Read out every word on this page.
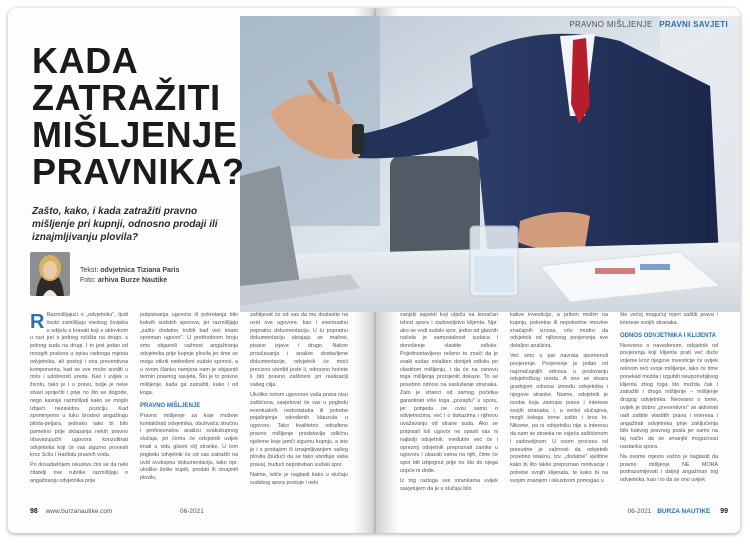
PRAVNO MIŠLJENJE PRAVNI SAVJETI
KADA
ZATRAŽITI
MIŠLJENJE
PRAVNIKA?

Zašto, kako, i kada zatražiti pravno mišljenje pri kupnji, odnosno prodaji ili iznajmljivanju plovila?

Tekst: odvjetnica Tiziana Paris
Foto: arhiva Burze Nautike

R Razmišljajući o „odvjetniku", ljudi često zamišljaju visokog čovjeka u odijelu s kravati koji s aktovkom u ruci juri s jednog ročišta na drugo, s jednog suda na drugi. I to jest jedan od mnogih poslova u opisu radnoga mjesta odvjetnika, ali postoji i ona preventivna komponenta, kad se sve može srediti u miru i udobnosti ureda. Kao i uvijek u životu, tako je i u pravu, bolje je neke stvari spriječiti i prije no što se dogode, nego kasnije razmišljati kako se moglo izbjeći nezavidnu poziciju. Kad spominjemo u luku brodovi angažiraju pilota-peljara, jednako tako bi bilo pametno prije sklapanja nekih pravno obavezujućih ugovora konzultirati odvjetnika koji će vas sigurno provesti kroz Scilu i Haribdu pravnih voda.

Po dosadašnjem iskustvu čini se da neki čitatelji ove rubrike razmišljaju o angažiranju odvjetnika prije

potpisivanja ugovora ili pokretanja bilo kakvih sudskih sporova, jer razmišljaju „zašto dodatno trošiti kad već imam spreman ugovor". U prethodnom broju smo objasnili važnost angažiranja odvjetnika prije kupnje plovila jer time se mogu otkriti nedređeni sudski sporovi, a u ovom članku namjera nam je objasniti termin pravnog savjeta. Što je to pravno mišljenje, kada ga zatražiti, kako i od koga.

PRAVNO MIŠLJENJE

Pravno mišljenje za koje možete kontaktirati odvjetnika, obuhvaća stručnu i profesionalnu analizu svakukupnog slučaja, pri čemu će odvjetnik uvijek imati u vidu glavni cilj stranke. U tom pogledu odvjetnik će od vas zatražiti na uvid svukupnu dokumentaciju, tako npr. ukoliko želite kupiti, prodati ili iznajmiti plovilo,

zahtijevat će od vas da mu dostavite na uvid sve ugovore, kao i eventualnu popratnu dokumentaciju. U tu popratnu dokumentaciju ubrajaju se mailovi, pisane izjave i drugo. Nakon proučavanja i analize dostavljene dokumentacije, odvjetnik će moći precizno utvrditi jeste li, odnosno hoćete li biti pravno zaštićeni pri realizaciji vašeg cilja.

Ukoliko netom ugovoron vaša prava nisu zaštićena, savjetovat će vas u pogledu eventualnih nedostataka ili potrebe pojašnjenja određenih klauzula u ugovoru. Tako kvalitetno odrađeno pravno mišljenje predstavlja odličnu njelerne koje jamči sigurnu kupnju, a isto je i s prodajom ili iznajmljivanjem vašeg plovila (budući da se tako utvrđuje vaša prava), budući nepotreban sudski spor.

Naime, ističe je naglasti kako u slučaju sudskog spora postoje i neki

vanjski aspekti koji utječu na konačan ishod spora i zadovoljstvo klijenta. Npr. ako se vodi sudski spor, jedno od glavnih načela je samostalnost sudaca i donošenje vlastite odluke. Pojednostavljeno rečeno to znači da je svaki sudac ovlašten donijeti odluku po vlastitom mišljenju, i da će na osnovu toga mišljenja procijeniti dokaze. To se posebno odnosi na saslušanje stranaka. Zato je stranci od samog početka garantirati više toga „pozajdu" u sporu, jer pobjeda ne ovisi samo o odvjetnicima, već i o dokazima i njihovu uvažavanju od strane suda. Ako se potpisali loš ugovor ne spasit vas ni najbolji odvjetnik, međutim već će i opreznij odvjetnik prepoznati zamke u ugovoru i ukazati vama na njih, čime će spor biti izbjegnut prije no što do njega uopće ni dođe.

Iz tog razloga sve strankama uvijek savjetujem da je u slučaju bilo

kakve investicije, a pritom mislim na kupnju, pokretne ili nepokretne imovine značajnih iznosa, vrlo mudro da odvjetnik od njihovog povjerenja sve detaljno analizira.

Već smo u par navrata spomenuli povjerenje. Povjerenje je jedan od najznačajnijih odnosa u poslovanju odvjetničkog ureda. A ono se stvara gradnjom odnosa između odvjetnika i njegove stranke. Naime, odvjetnik je osoba koja zastupa prava i interese svojih stranaka, i, u većini slučajeva, mogli kolega tome zašto i kroz to. Nikome, pa ni odvjetniku nije u interesu da nam se stranka ne osjeća zaštićenom i zadovoljnom. U ovom procesu od presudne je važnosti da odvjetnik posebno istaknu, tzv. „dodatne" vještine kako bi što lakše prepoznao motivacije i potrebe svojih klijenata, te kako bi na svojim znanjem i iskustvom pomogao u

što većoj mogućoj mjeri zaštiti prava i interese svojih stranaka.

ODNOS ODVJETNIKA I KLIJENTA

Neovisno o navedenom, odvjetnik od povjerenja koji klijenta prati već duže vrijeme kroz njegove investicije će uvijek reknom reći svoje mišljenje, iako će time ponekad možda i izgubiti neupotrebljivog klijenta zbog toga što možda čak i zatražiti i drugo mišljenje – mišljenje drugog odvjetnika. Neovisno o tome, uvijek je dobro „preventivno" se aktivirati radi zaštite vlastitih prava i interesa i angažirati odvjetnika prije zaključenja bilo kakvog pravnog posla jer samo na taj način da se smanjiti mogućnost nastanka spora.

Na ovome mjestu važno je naglasiti da pravno mišljenje NE MORA podrazumijevati i daljnji angažman tog odvjetnika, kao i to da se ono uvijek

98 www.burzanautike.com	06-2021	06-2021 BURZA NAUTIKE 99
